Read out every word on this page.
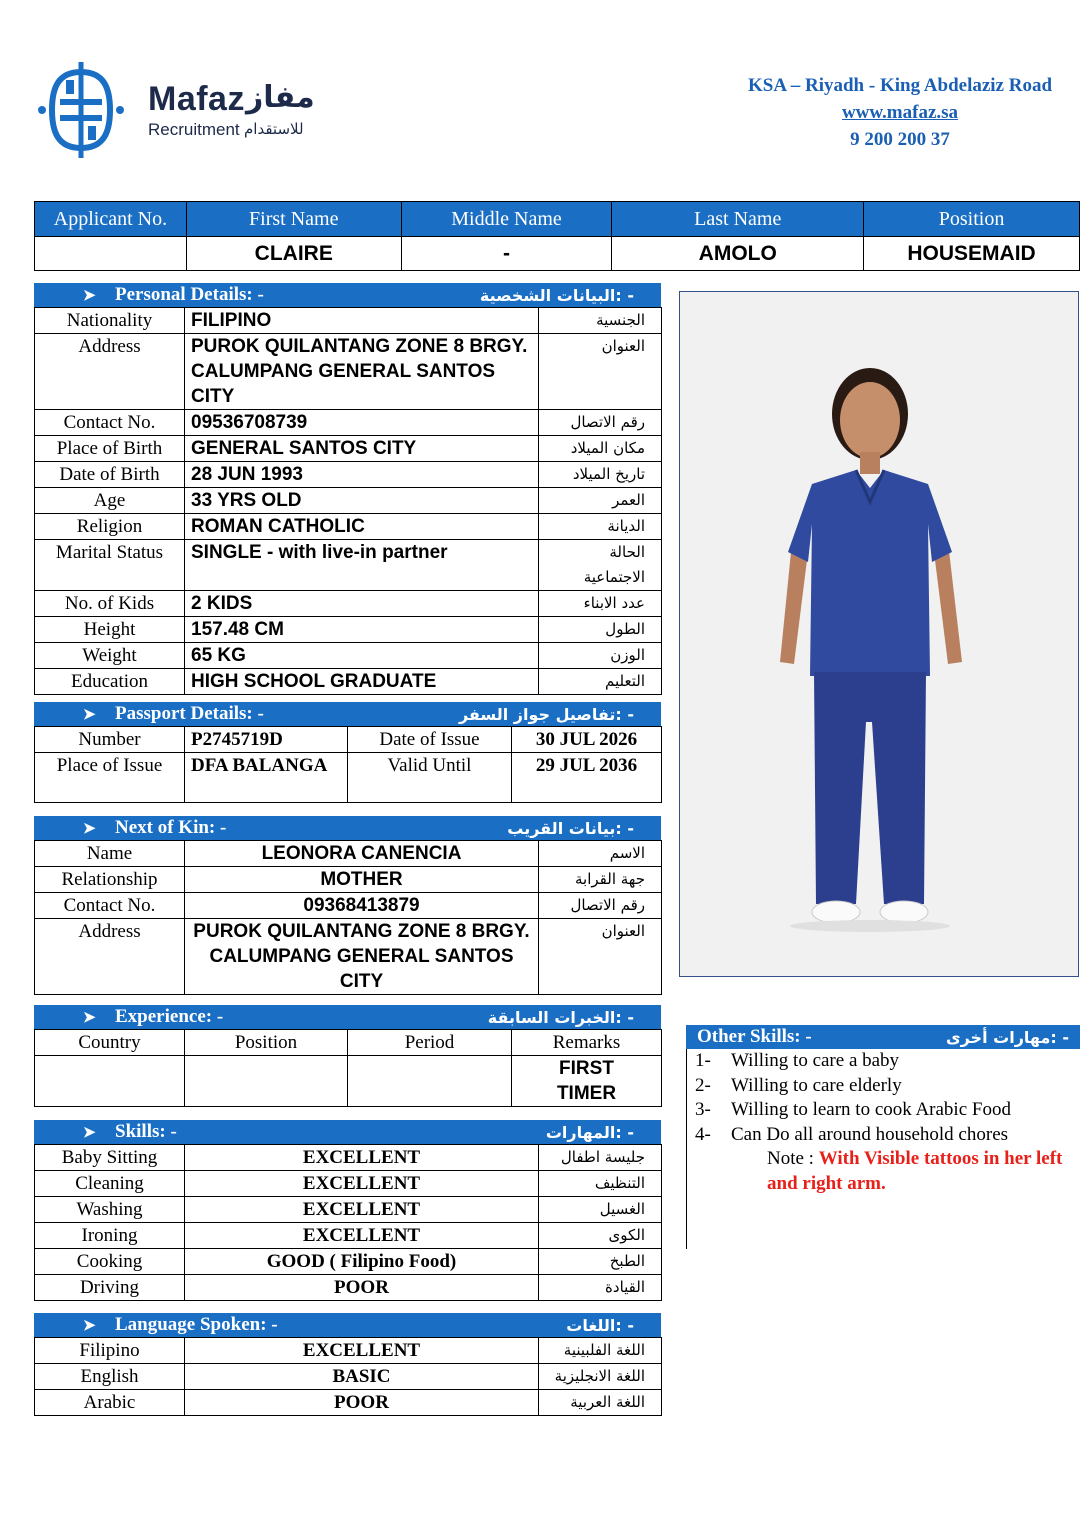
Mafaz مفاز
Recruitment للاستقدام
KSA – Riyadh - King Abdelaziz Road
www.mafaz.sa
9 200 200 37
Applicant No.	First Name	Middle Name	Last Name	Position
	CLAIRE	-	AMOLO	HOUSEMAID
➤ Personal Details: -	البيانات الشخصية: -
Nationality	FILIPINO	الجنسية
Address	PUROK QUILANTANG ZONE 8 BRGY. CALUMPANG GENERAL SANTOS CITY	العنوان
Contact No.	09536708739	رقم الاتصال
Place of Birth	GENERAL SANTOS CITY	مكان الميلاد
Date of Birth	28 JUN 1993	تاريخ الميلاد
Age	33 YRS OLD	العمر
Religion	ROMAN CATHOLIC	الديانة
Marital Status	SINGLE - with live-in partner	الحالة الاجتماعية
No. of Kids	2 KIDS	عدد الابناء
Height	157.48 CM	الطول
Weight	65 KG	الوزن
Education	HIGH SCHOOL GRADUATE	التعليم
➤ Passport Details: -	تفاصيل جواز السفر: -
Number	P2745719D	Date of Issue	30 JUL 2026
Place of Issue	DFA BALANGA	Valid Until	29 JUL 2036
➤ Next of Kin: -	بيانات القريب: -
Name	LEONORA CANENCIA	الاسم
Relationship	MOTHER	جهة القرابة
Contact No.	09368413879	رقم الاتصال
Address	PUROK QUILANTANG ZONE 8 BRGY. CALUMPANG GENERAL SANTOS CITY	العنوان
➤ Experience: -	الخبرات السابقة: -
Country	Position	Period	Remarks
			FIRST TIMER
➤ Skills: -	المهارات: -
Baby Sitting	EXCELLENT	جليسة اطفال
Cleaning	EXCELLENT	التنظيف
Washing	EXCELLENT	الغسيل
Ironing	EXCELLENT	الكوى
Cooking	GOOD ( Filipino Food)	الطبخ
Driving	POOR	القيادة
➤ Language Spoken: -	اللغات: -
Filipino	EXCELLENT	اللغة الفلبينية
English	BASIC	اللغة الانجليزية
Arabic	POOR	اللغة العربية
Other Skills: -	مهارات أخرى: -
1- Willing to care a baby
2- Willing to care elderly
3- Willing to learn to cook Arabic Food
4- Can Do all around household chores
Note : With Visible tattoos in her left and right arm.
